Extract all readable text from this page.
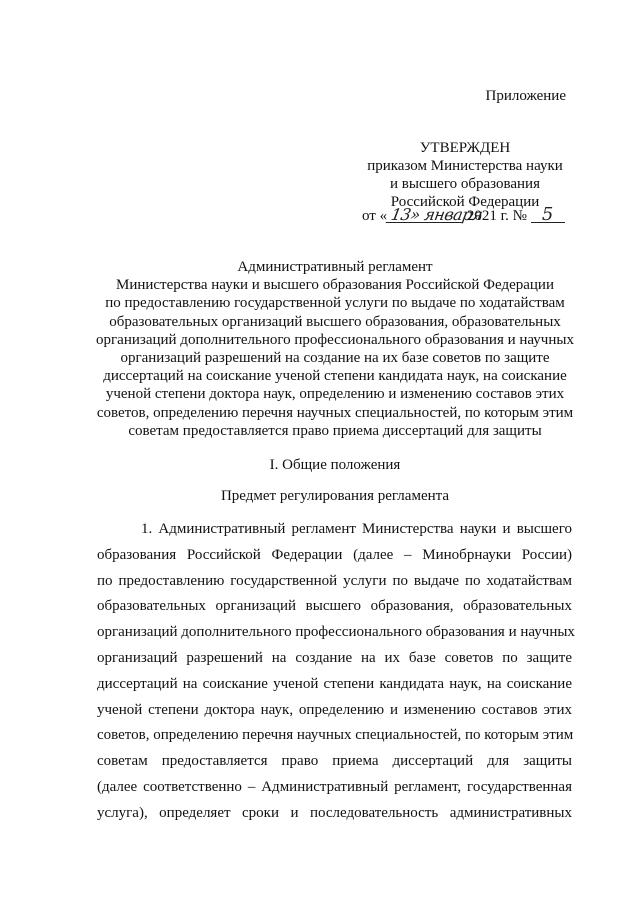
Приложение
УТВЕРЖДЕН
приказом Министерства науки
и высшего образования
Российской Федерации
от « 13» января 2021 г. № 5
Административный регламент
Министерства науки и высшего образования Российской Федерации
по предоставлению государственной услуги по выдаче по ходатайствам
образовательных организаций высшего образования, образовательных
организаций дополнительного профессионального образования и научных
организаций разрешений на создание на их базе советов по защите
диссертаций на соискание ученой степени кандидата наук, на соискание
ученой степени доктора наук, определению и изменению составов этих
советов, определению перечня научных специальностей, по которым этим
советам предоставляется право приема диссертаций для защиты
I. Общие положения
Предмет регулирования регламента
1. Административный регламент Министерства науки и высшего
образования Российской Федерации (далее – Минобрнауки России)
по предоставлению государственной услуги по выдаче по ходатайствам
образовательных организаций высшего образования, образовательных
организаций дополнительного профессионального образования и научных
организаций разрешений на создание на их базе советов по защите
диссертаций на соискание ученой степени кандидата наук, на соискание
ученой степени доктора наук, определению и изменению составов этих
советов, определению перечня научных специальностей, по которым этим
советам предоставляется право приема диссертаций для защиты
(далее соответственно – Административный регламент, государственная
услуга), определяет сроки и последовательность административных
